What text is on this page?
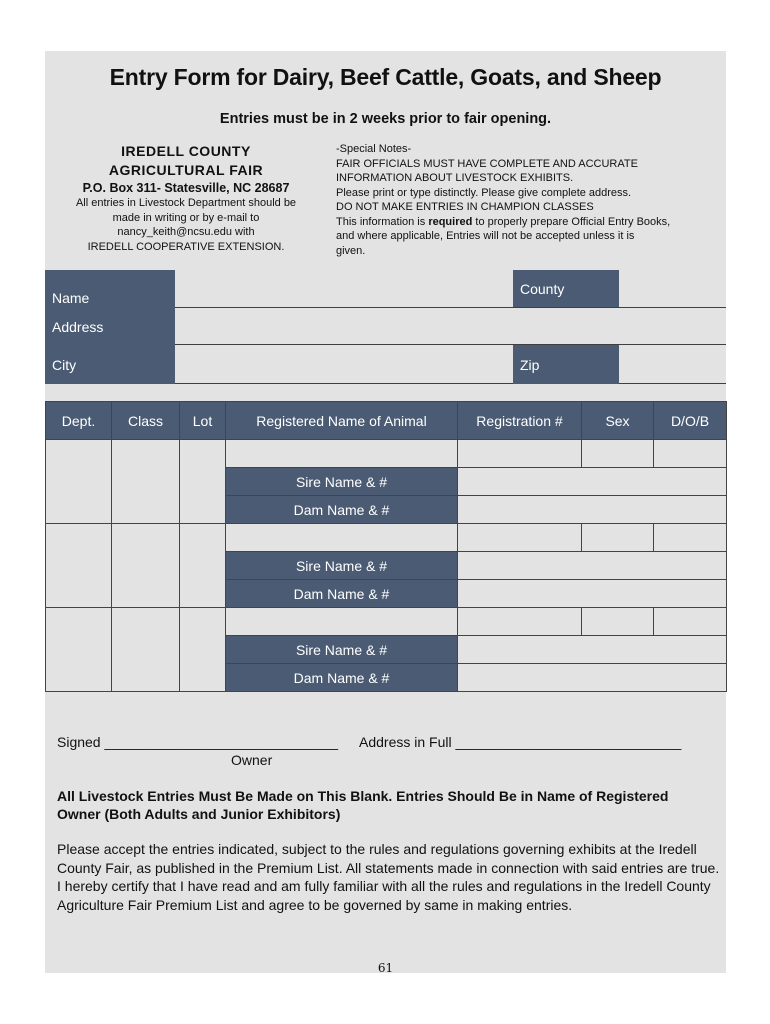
Entry Form for Dairy, Beef Cattle, Goats, and Sheep
Entries must be in 2 weeks prior to fair opening.
IREDELL COUNTY
AGRICULTURAL FAIR
P.O. Box 311- Statesville, NC 28687
All entries in Livestock Department should be
made in writing or by e-mail to
nancy_keith@ncsu.edu with
IREDELL COOPERATIVE EXTENSION.
-Special Notes-
FAIR OFFICIALS MUST HAVE COMPLETE AND ACCURATE
INFORMATION ABOUT LIVESTOCK EXHIBITS.
Please print or type distinctly. Please give complete address.
DO NOT MAKE ENTRIES IN CHAMPION CLASSES
This information is required to properly prepare Official Entry Books,
and where applicable, Entries will not be accepted unless it is
given.
Name
Address
City
County
Zip
Dept.	Class	Lot	Registered Name of Animal	Registration #	Sex	D/O/B

			Sire Name & #			
			Dam Name & #			

			Sire Name & #			
			Dam Name & #			

			Sire Name & #			
			Dam Name & #			
Signed ______________________________
Owner
Address in Full _____________________________
All Livestock Entries Must Be Made on This Blank. Entries Should Be in Name of Registered Owner (Both Adults and Junior Exhibitors)
Please accept the entries indicated, subject to the rules and regulations governing exhibits at the Iredell County Fair, as published in the Premium List. All statements made in connection with said entries are true. I hereby certify that I have read and am fully familiar with all the rules and regulations in the Iredell County Agriculture Fair Premium List and agree to be governed by same in making entries.
61
